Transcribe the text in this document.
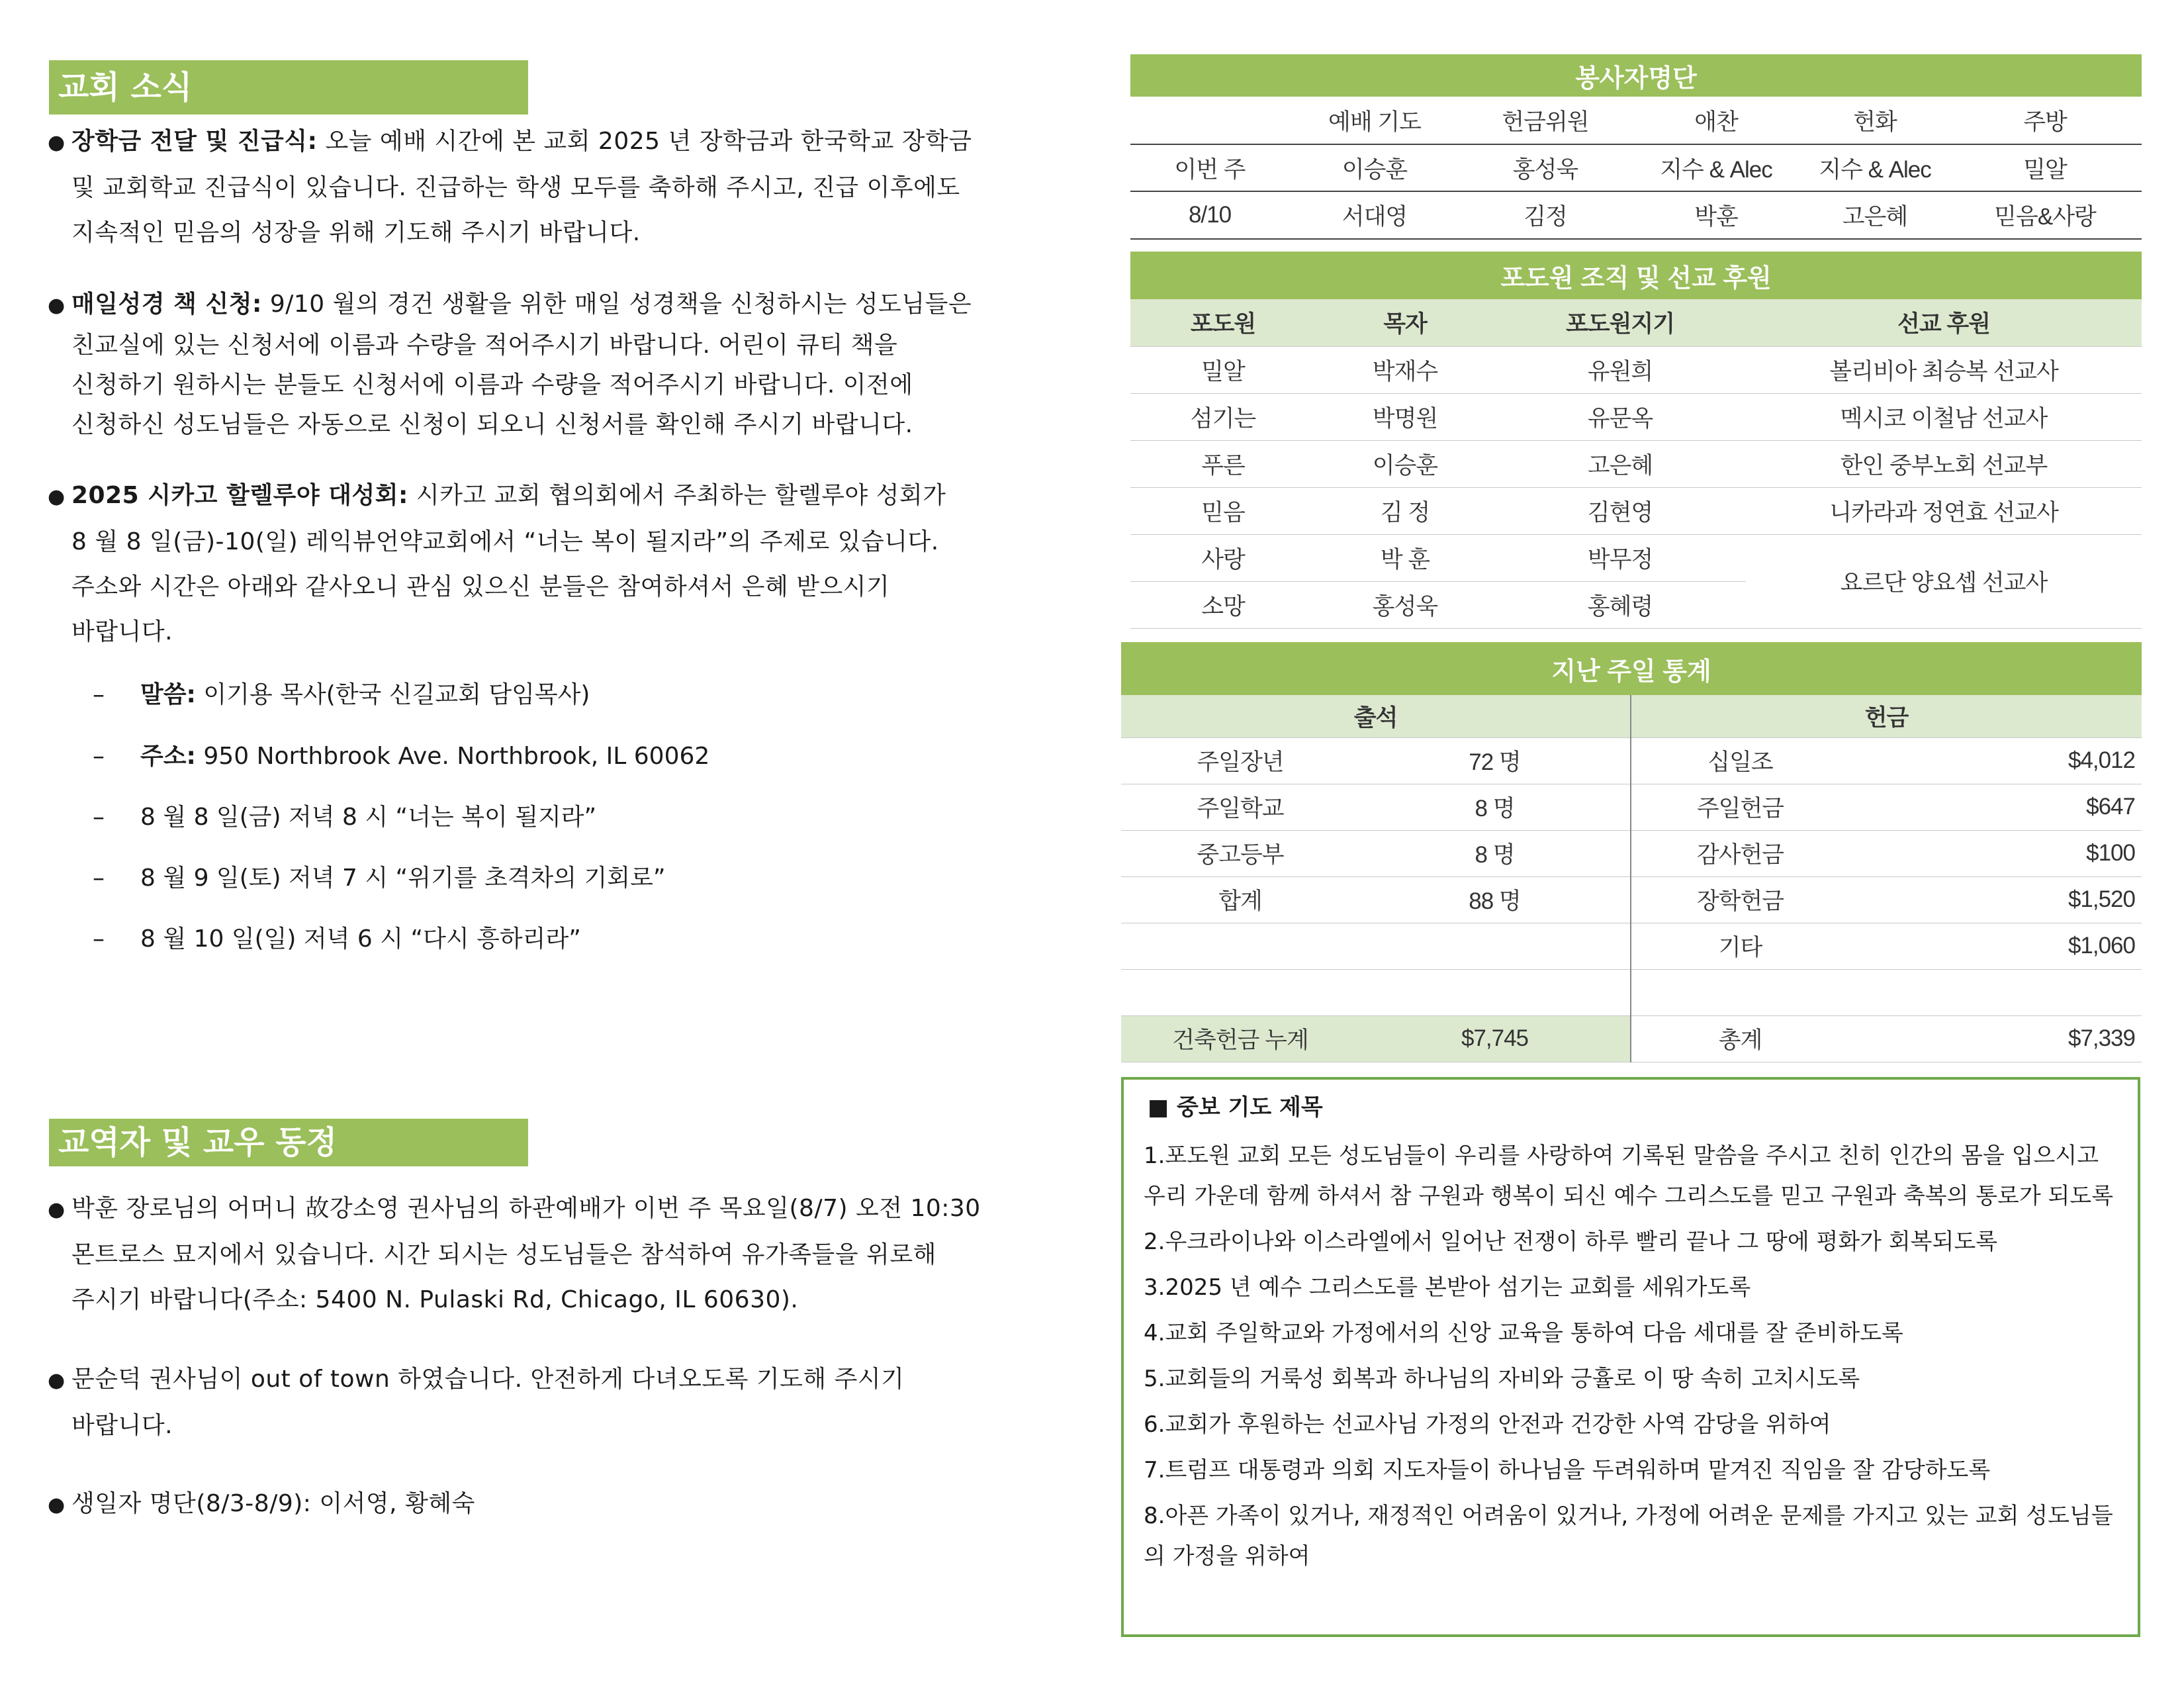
교회 소식
● 장학금 전달 및 진급식: 오늘 예배 시간에 본 교회 2025 년 장학금과 한국학교 장학금
및 교회학교 진급식이 있습니다. 진급하는 학생 모두를 축하해 주시고, 진급 이후에도
지속적인 믿음의 성장을 위해 기도해 주시기 바랍니다.
● 매일성경 책 신청: 9/10 월의 경건 생활을 위한 매일 성경책을 신청하시는 성도님들은
친교실에 있는 신청서에 이름과 수량을 적어주시기 바랍니다. 어린이 큐티 책을
신청하기 원하시는 분들도 신청서에 이름과 수량을 적어주시기 바랍니다. 이전에
신청하신 성도님들은 자동으로 신청이 되오니 신청서를 확인해 주시기 바랍니다.
● 2025 시카고 할렐루야 대성회: 시카고 교회 협의회에서 주최하는 할렐루야 성회가
8 월 8 일(금)-10(일) 레익뷰언약교회에서 “너는 복이 될지라”의 주제로 있습니다.
주소와 시간은 아래와 같사오니 관심 있으신 분들은 참여하셔서 은혜 받으시기
바랍니다.
– 말씀: 이기용 목사(한국 신길교회 담임목사)
– 주소: 950 Northbrook Ave. Northbrook, IL 60062
– 8 월 8 일(금) 저녁 8 시 “너는 복이 될지라”
– 8 월 9 일(토) 저녁 7 시 “위기를 초격차의 기회로”
– 8 월 10 일(일) 저녁 6 시 “다시 흥하리라”
교역자 및 교우 동정
● 박훈 장로님의 어머니 故강소영 권사님의 하관예배가 이번 주 목요일(8/7) 오전 10:30
몬트로스 묘지에서 있습니다. 시간 되시는 성도님들은 참석하여 유가족들을 위로해
주시기 바랍니다(주소: 5400 N. Pulaski Rd, Chicago, IL 60630).
● 문순덕 권사님이 out of town 하였습니다. 안전하게 다녀오도록 기도해 주시기
바랍니다.
● 생일자 명단(8/3-8/9): 이서영, 황혜숙
봉사자명단					
	예배 기도	헌금위원	애찬	헌화	주방
이번 주	이승훈	홍성욱	지수 & Alec	지수 & Alec	밀알
8/10	서대영	김정	박훈	고은혜	믿음&사랑
포도원 조직 및 선교 후원			
포도원	목자	포도원지기	선교 후원
밀알	박재수	유원희	볼리비아 최승복 선교사
섬기는	박명원	유문옥	멕시코 이철남 선교사
푸른	이승훈	고은혜	한인 중부노회 선교부
믿음	김 정	김현영	니카라과 정연효 선교사
사랑	박 훈	박무정	요르단 양요셉 선교사
소망	홍성욱	홍혜령	
지난 주일 통계			
출석		헌금	
주일장년	72 명	십일조	$4,012
주일학교	8 명	주일헌금	$647
중고등부	8 명	감사헌금	$100
합계	88 명	장학헌금	$1,520
		기타	$1,060

건축헌금 누계	$7,745	총계	$7,339
■ 중보 기도 제목
1.포도원 교회 모든 성도님들이 우리를 사랑하여 기록된 말씀을 주시고 친히 인간의 몸을 입으시고 우리 가운데 함께 하셔서 참 구원과 행복이 되신 예수 그리스도를 믿고 구원과 축복의 통로가 되도록
2.우크라이나와 이스라엘에서 일어난 전쟁이 하루 빨리 끝나 그 땅에 평화가 회복되도록
3.2025 년 예수 그리스도를 본받아 섬기는 교회를 세워가도록
4.교회 주일학교와 가정에서의 신앙 교육을 통하여 다음 세대를 잘 준비하도록
5.교회들의 거룩성 회복과 하나님의 자비와 긍휼로 이 땅 속히 고치시도록
6.교회가 후원하는 선교사님 가정의 안전과 건강한 사역 감당을 위하여
7.트럼프 대통령과 의회 지도자들이 하나님을 두려워하며 맡겨진 직임을 잘 감당하도록
8.아픈 가족이 있거나, 재정적인 어려움이 있거나, 가정에 어려운 문제를 가지고 있는 교회 성도님들의 가정을 위하여
